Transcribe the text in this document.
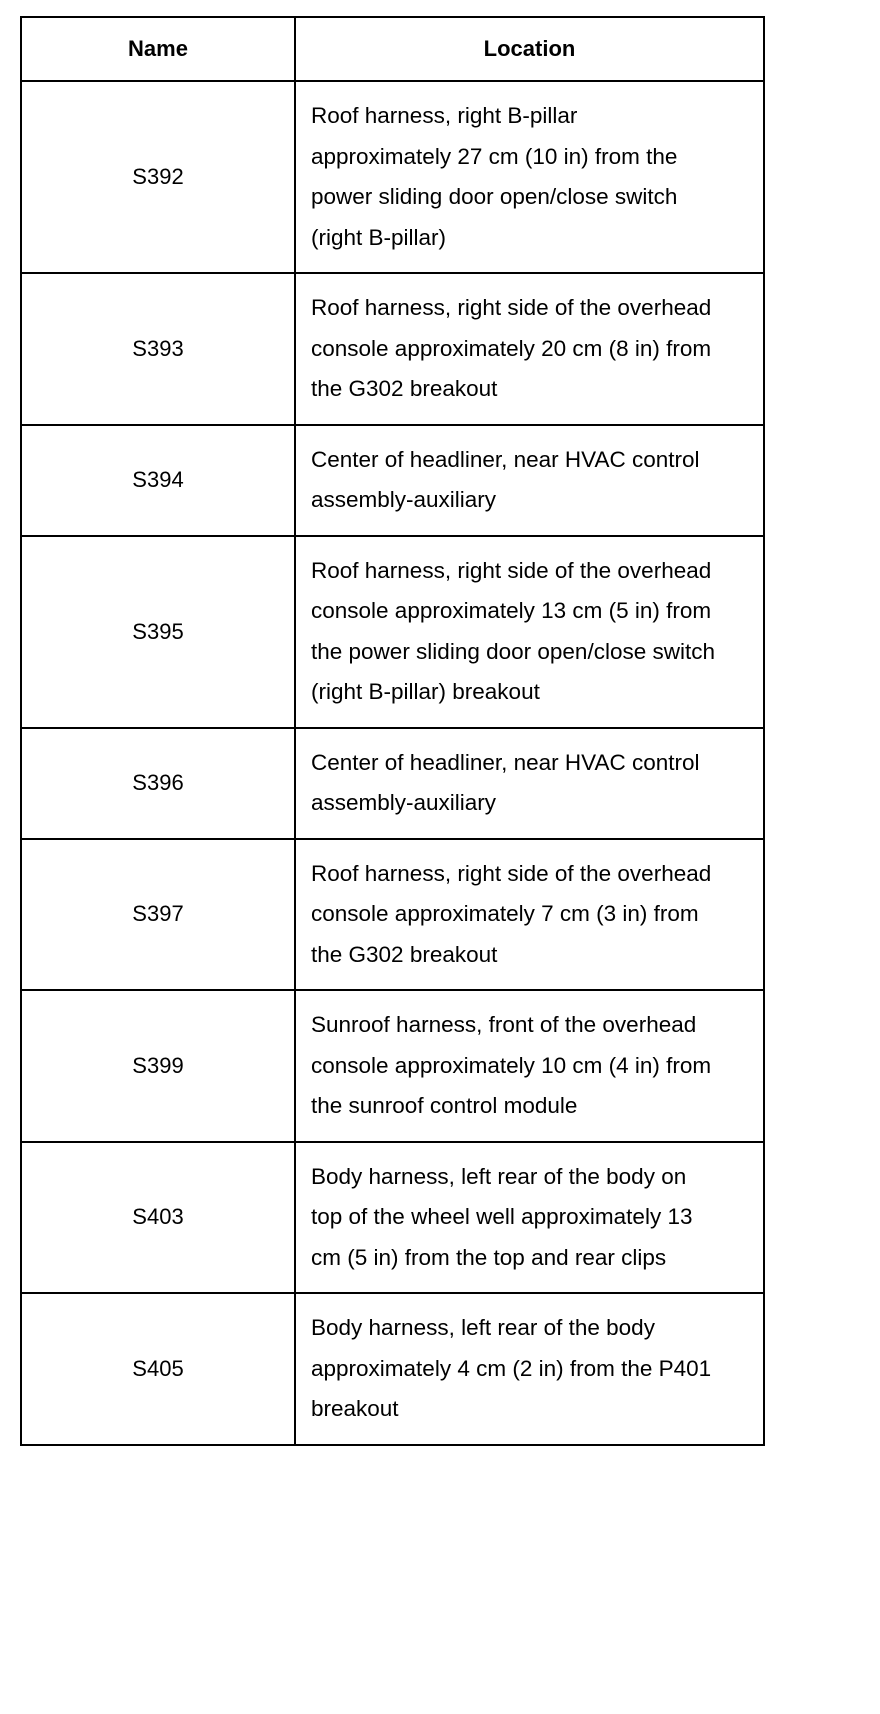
Name	Location
S392	Roof harness, right B-pillar approximately 27 cm (10 in) from the power sliding door open/close switch (right B-pillar)
S393	Roof harness, right side of the overhead console approximately 20 cm (8 in) from the G302 breakout
S394	Center of headliner, near HVAC control assembly-auxiliary
S395	Roof harness, right side of the overhead console approximately 13 cm (5 in) from the power sliding door open/close switch (right B-pillar) breakout
S396	Center of headliner, near HVAC control assembly-auxiliary
S397	Roof harness, right side of the overhead console approximately 7 cm (3 in) from the G302 breakout
S399	Sunroof harness, front of the overhead console approximately 10 cm (4 in) from the sunroof control module
S403	Body harness, left rear of the body on top of the wheel well approximately 13 cm (5 in) from the top and rear clips
S405	Body harness, left rear of the body approximately 4 cm (2 in) from the P401 breakout
